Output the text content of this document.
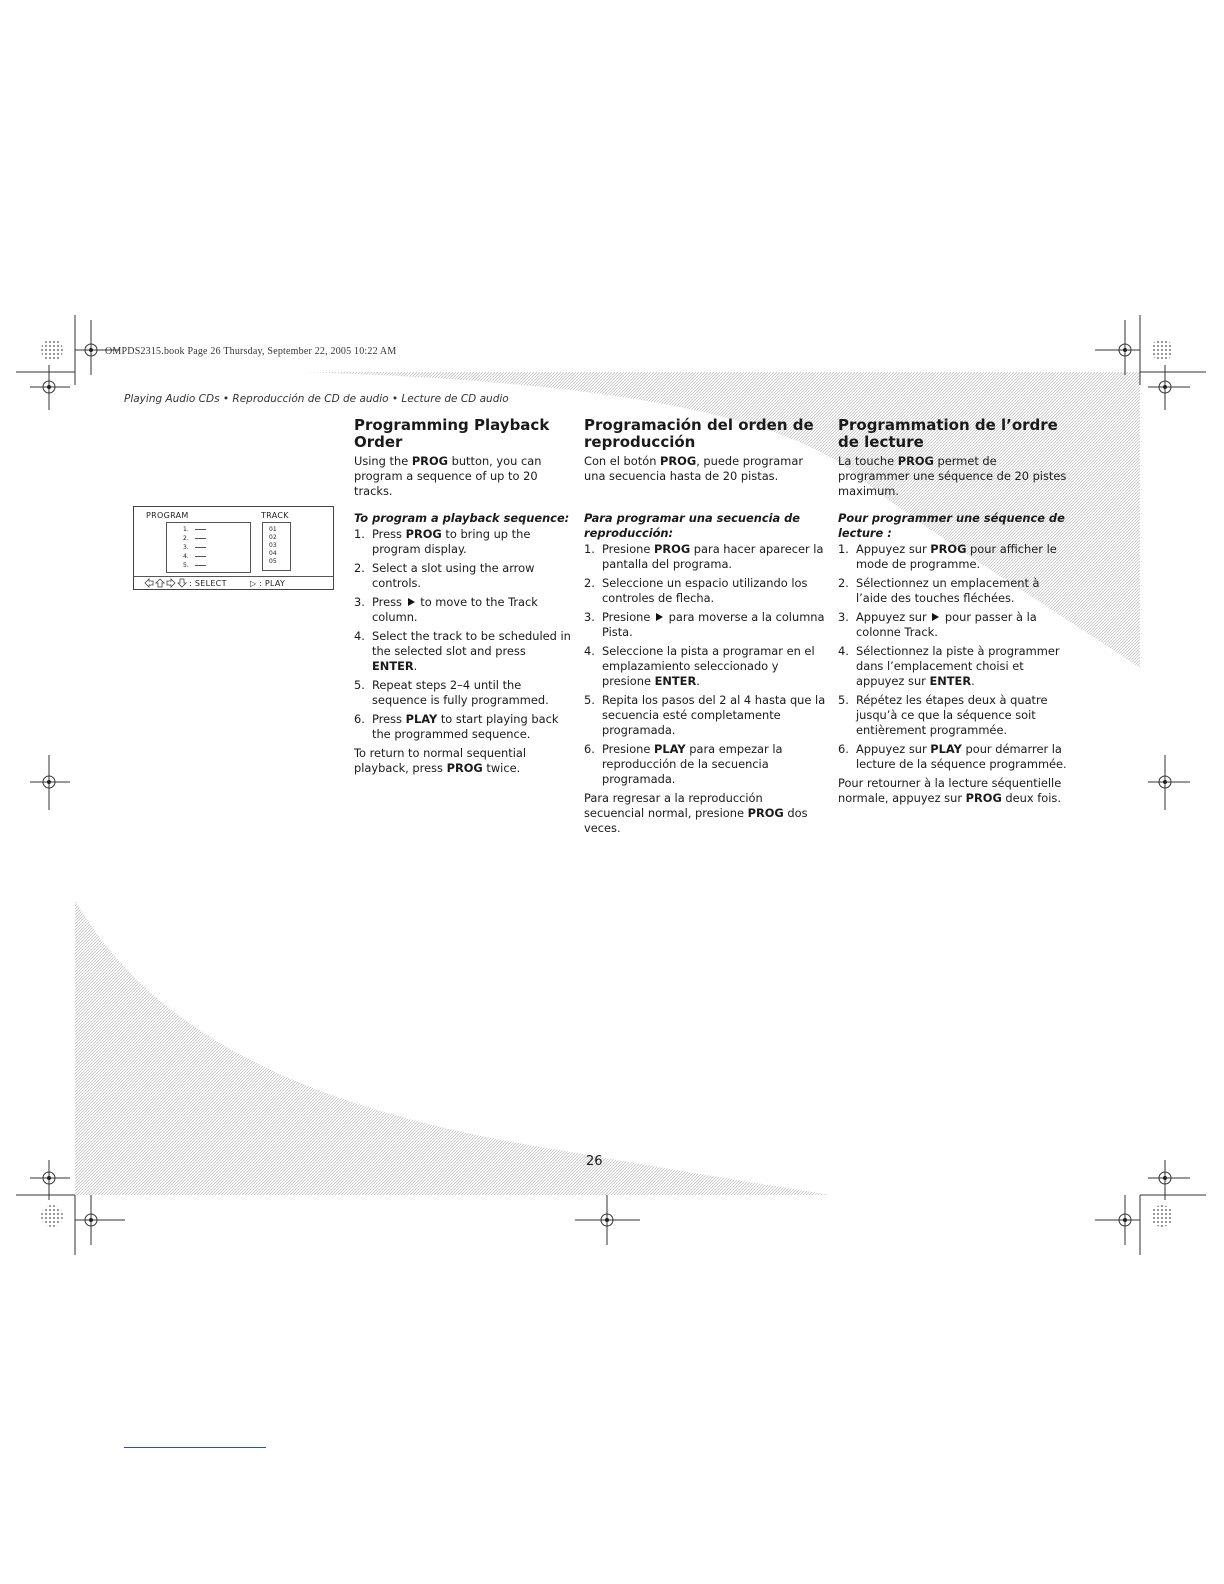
OMPDS2315.book Page 26 Thursday, September 22, 2005 10:22 AM
Playing Audio CDs • Reproducción de CD de audio • Lecture de CD audio
PROGRAM	TRACK
1.
2.
3.
4.
5.
01
02
03
04
05
: SELECT	▷ : PLAY
Programming Playback Order

Using the PROG button, you can program a sequence of up to 20 tracks.

To program a playback sequence:

1. Press PROG to bring up the program display.
2. Select a slot using the arrow controls.
3. Press  to move to the Track column.
4. Select the track to be scheduled in the selected slot and press ENTER.
5. Repeat steps 2–4 until the sequence is fully programmed.
6. Press PLAY to start playing back the programmed sequence.

To return to normal sequential playback, press PROG twice.

Programación del orden de reproducción

Con el botón PROG, puede programar una secuencia hasta de 20 pistas.

Para programar una secuencia de reproducción:

1. Presione PROG para hacer aparecer la pantalla del programa.
2. Seleccione un espacio utilizando los controles de flecha.
3. Presione  para moverse a la columna Pista.
4. Seleccione la pista a programar en el emplazamiento seleccionado y presione ENTER.
5. Repita los pasos del 2 al 4 hasta que la secuencia esté completamente programada.
6. Presione PLAY para empezar la reproducción de la secuencia programada.

Para regresar a la reproducción secuencial normal, presione PROG dos veces.

Programmation de l’ordre de lecture

La touche PROG permet de programmer une séquence de 20 pistes maximum.

Pour programmer une séquence de lecture :

1. Appuyez sur PROG pour afficher le mode de programme.
2. Sélectionnez un emplacement à l’aide des touches fléchées.
3. Appuyez sur  pour passer à la colonne Track.
4. Sélectionnez la piste à programmer dans l’emplacement choisi et appuyez sur ENTER.
5. Répétez les étapes deux à quatre jusqu’à ce que la séquence soit entièrement programmée.
6. Appuyez sur PLAY pour démarrer la lecture de la séquence programmée.

Pour retourner à la lecture séquentielle normale, appuyez sur PROG deux fois.

26
